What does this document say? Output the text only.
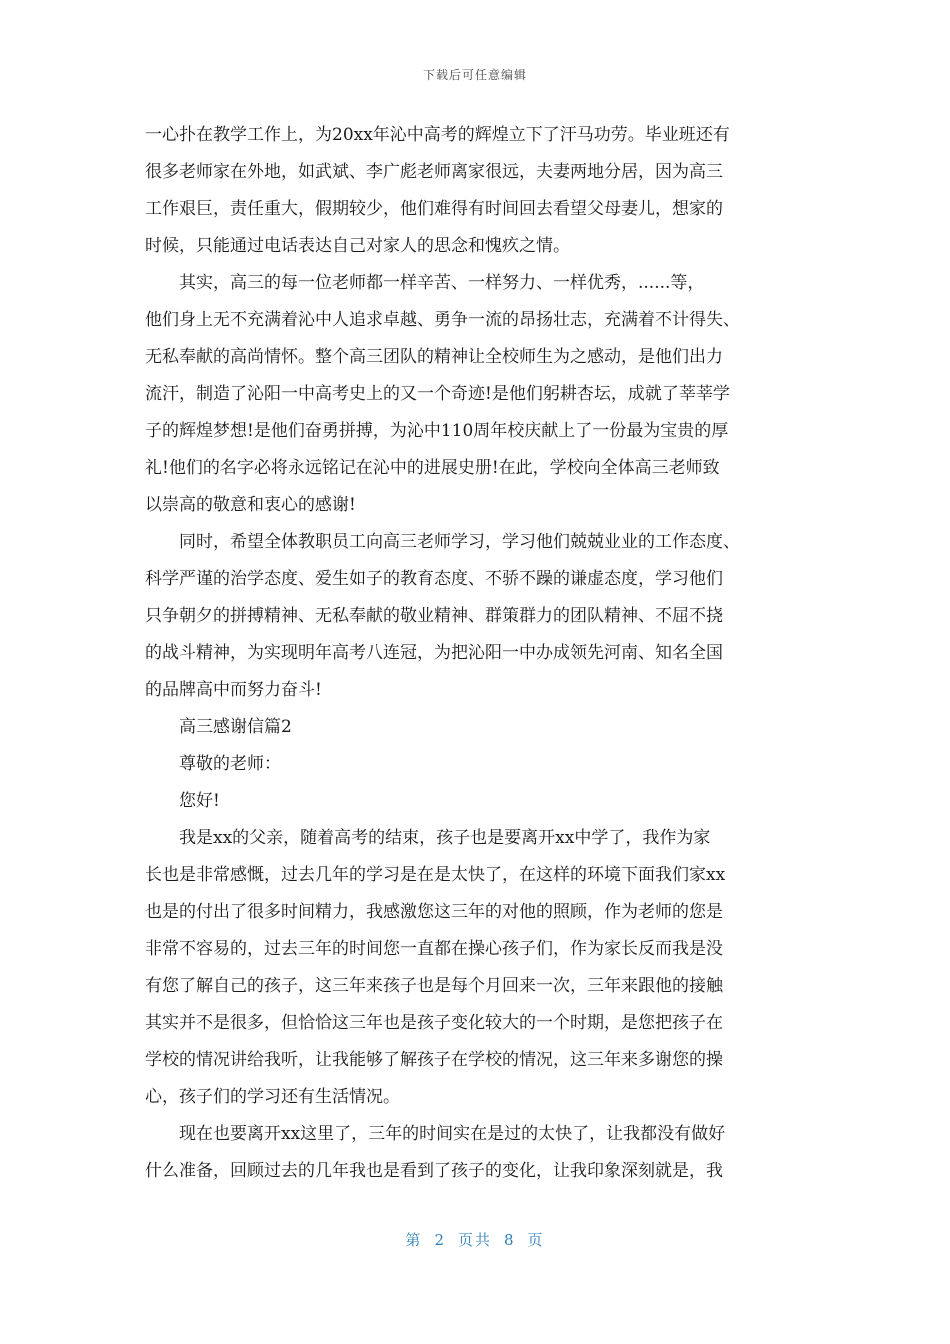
下载后可任意编辑
一心扑在教学工作上，为20xx年沁中高考的辉煌立下了汗马功劳。毕业班还有
很多老师家在外地，如武斌、李广彪老师离家很远，夫妻两地分居，因为高三
工作艰巨，责任重大，假期较少，他们难得有时间回去看望父母妻儿，想家的
时候，只能通过电话表达自己对家人的思念和愧疚之情。
其实，高三的每一位老师都一样辛苦、一样努力、一样优秀，......等，
他们身上无不充满着沁中人追求卓越、勇争一流的昂扬壮志，充满着不计得失、
无私奉献的高尚情怀。整个高三团队的精神让全校师生为之感动，是他们出力
流汗，制造了沁阳一中高考史上的又一个奇迹!是他们躬耕杏坛，成就了莘莘学
子的辉煌梦想!是他们奋勇拼搏，为沁中110周年校庆献上了一份最为宝贵的厚
礼!他们的名字必将永远铭记在沁中的进展史册!在此，学校向全体高三老师致
以崇高的敬意和衷心的感谢!
同时，希望全体教职员工向高三老师学习，学习他们兢兢业业的工作态度、
科学严谨的治学态度、爱生如子的教育态度、不骄不躁的谦虚态度，学习他们
只争朝夕的拼搏精神、无私奉献的敬业精神、群策群力的团队精神、不屈不挠
的战斗精神，为实现明年高考八连冠，为把沁阳一中办成领先河南、知名全国
的品牌高中而努力奋斗!
高三感谢信篇2
尊敬的老师：
您好!
我是xx的父亲，随着高考的结束，孩子也是要离开xx中学了，我作为家
长也是非常感慨，过去几年的学习是在是太快了，在这样的环境下面我们家xx
也是的付出了很多时间精力，我感激您这三年的对他的照顾，作为老师的您是
非常不容易的，过去三年的时间您一直都在操心孩子们，作为家长反而我是没
有您了解自己的孩子，这三年来孩子也是每个月回来一次，三年来跟他的接触
其实并不是很多，但恰恰这三年也是孩子变化较大的一个时期，是您把孩子在
学校的情况讲给我听，让我能够了解孩子在学校的情况，这三年来多谢您的操
心，孩子们的学习还有生活情况。
现在也要离开xx这里了，三年的时间实在是过的太快了，让我都没有做好
什么准备，回顾过去的几年我也是看到了孩子的变化，让我印象深刻就是，我
第 2 页共 8 页
